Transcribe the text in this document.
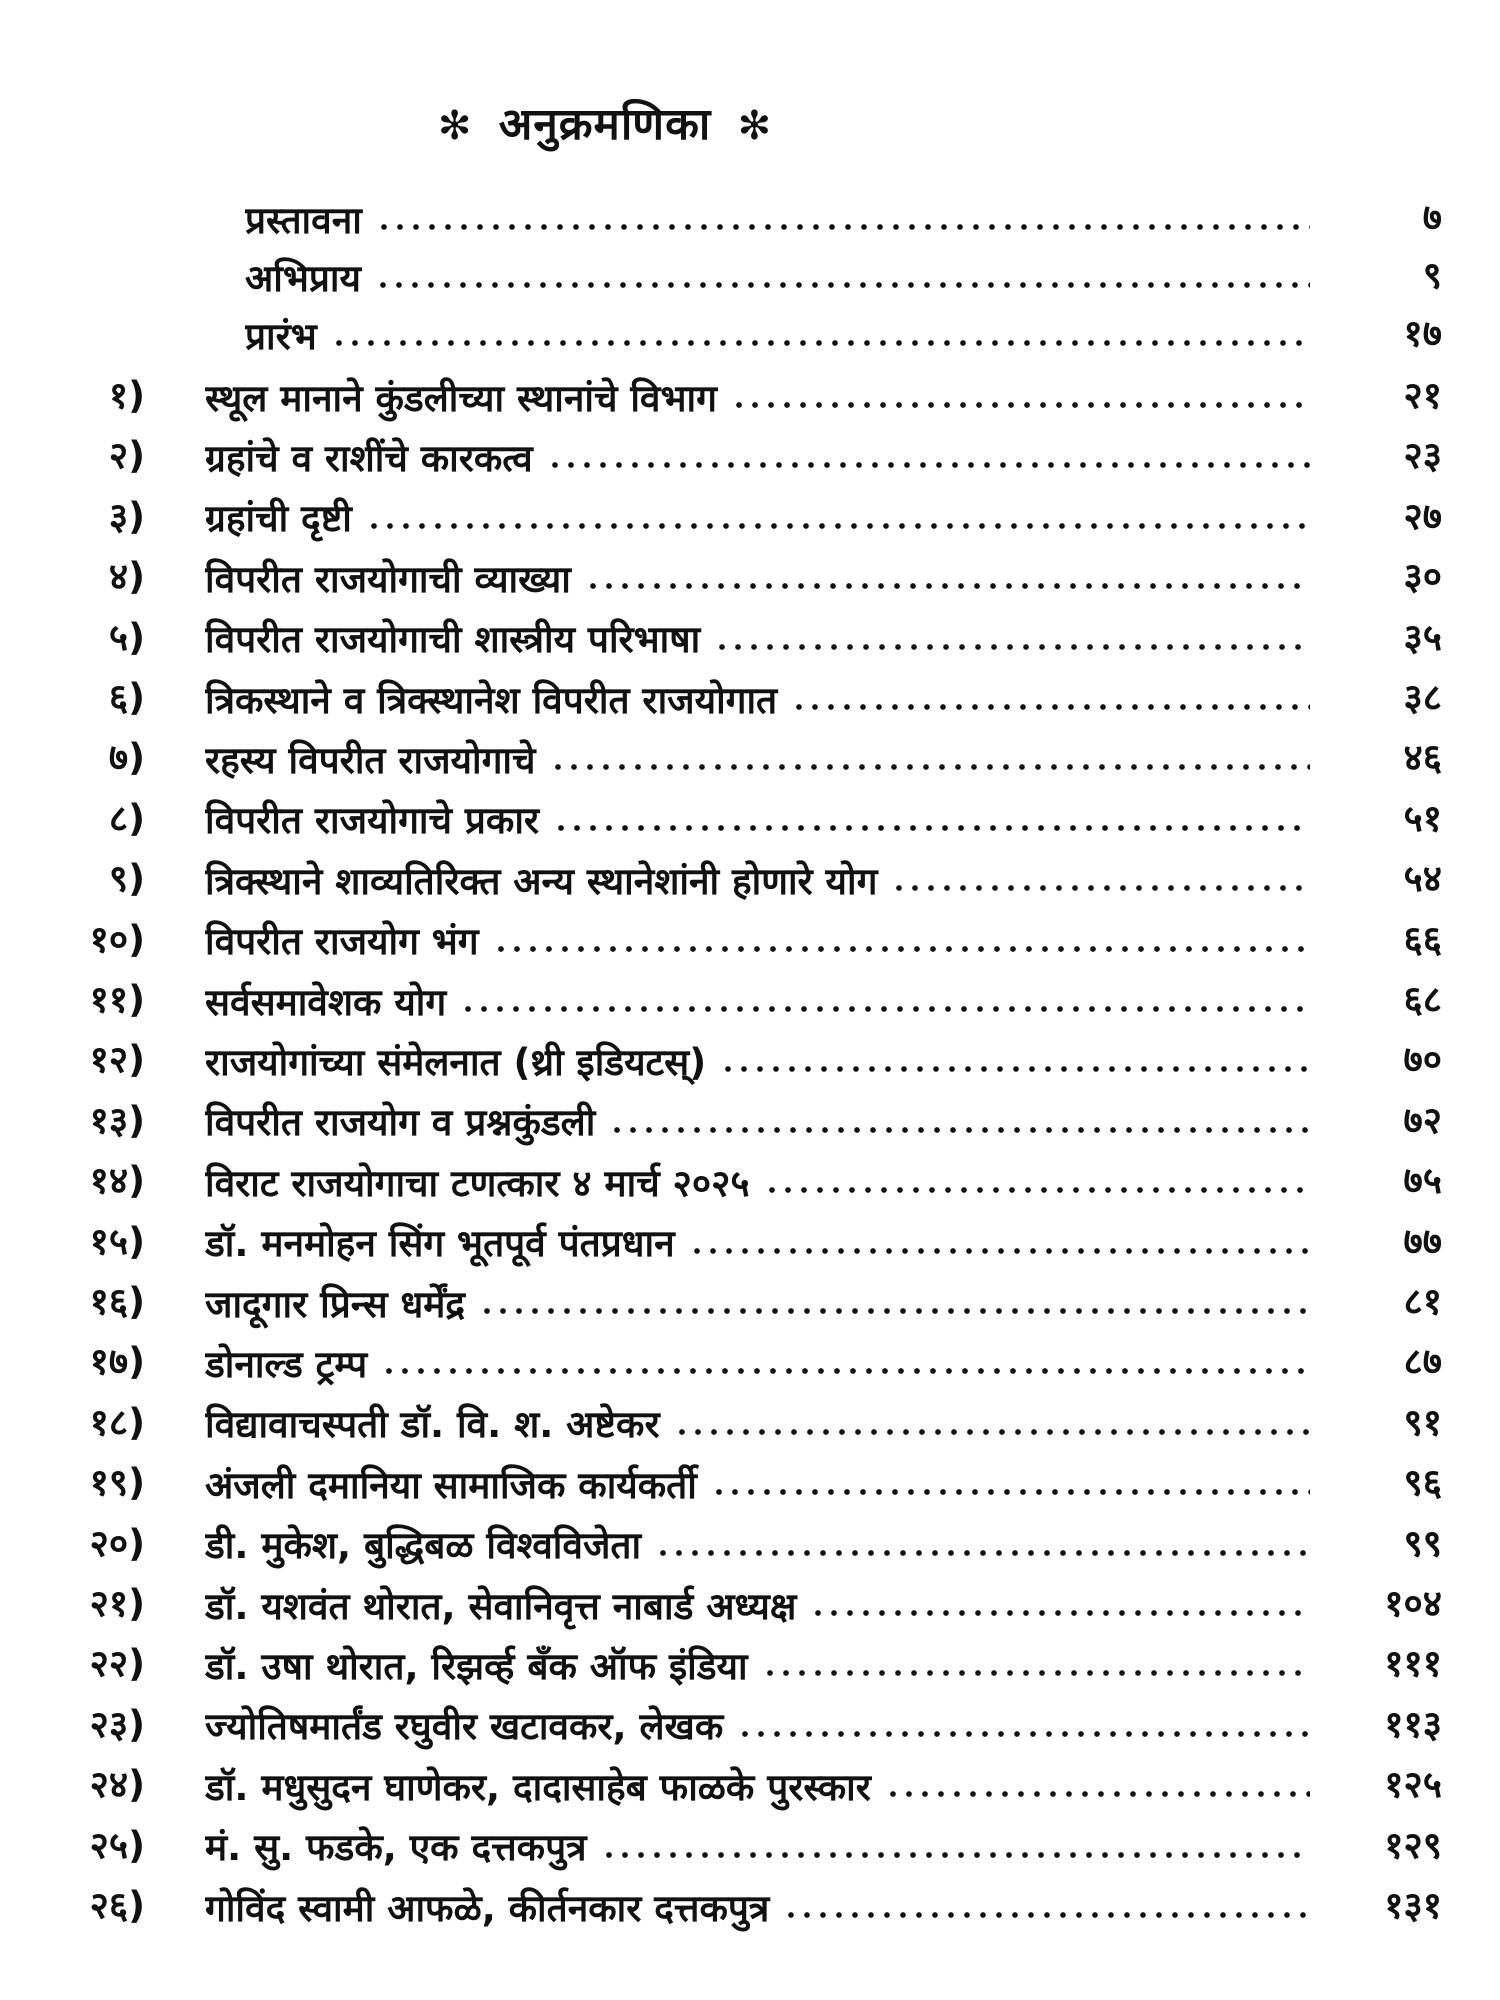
✻ अनुक्रमणिका ✻
प्रस्तावना	७
अभिप्राय	९
प्रारंभ	१७
१) स्थूल मानाने कुंडलीच्या स्थानांचे विभाग	२१
२) ग्रहांचे व राशींचे कारकत्व	२३
३) ग्रहांची दृष्टी	२७
४) विपरीत राजयोगाची व्याख्या	३०
५) विपरीत राजयोगाची शास्त्रीय परिभाषा	३५
६) त्रिकस्थाने व त्रिक्स्थानेश विपरीत राजयोगात	३८
७) रहस्य विपरीत राजयोगाचे	४६
८) विपरीत राजयोगाचे प्रकार	५१
९) त्रिक्स्थाने शाव्यतिरिक्त अन्य स्थानेशांनी होणारे योग	५४
१०) विपरीत राजयोग भंग	६६
११) सर्वसमावेशक योग	६८
१२) राजयोगांच्या संमेलनात (थ्री इडियटस्)	७०
१३) विपरीत राजयोग व प्रश्नकुंडली	७२
१४) विराट राजयोगाचा टणत्कार ४ मार्च २०२५	७५
१५) डॉ. मनमोहन सिंग भूतपूर्व पंतप्रधान	७७
१६) जादूगार प्रिन्स धर्मेंद्र	८१
१७) डोनाल्ड ट्रम्प	८७
१८) विद्यावाचस्पती डॉ. वि. श. अष्टेकर	९१
१९) अंजली दमानिया सामाजिक कार्यकर्ती	९६
२०) डी. मुकेश, बुद्धिबळ विश्वविजेता	९९
२१) डॉ. यशवंत थोरात, सेवानिवृत्त नाबार्ड अध्यक्ष	१०४
२२) डॉ. उषा थोरात, रिझर्व्ह बँक ऑफ इंडिया	१११
२३) ज्योतिषमार्तंड रघुवीर खटावकर, लेखक	११३
२४) डॉ. मधुसुदन घाणेकर, दादासाहेब फाळके पुरस्कार	१२५
२५) मं. सु. फडके, एक दत्तकपुत्र	१२९
२६) गोविंद स्वामी आफळे, कीर्तनकार दत्तकपुत्र	१३१
